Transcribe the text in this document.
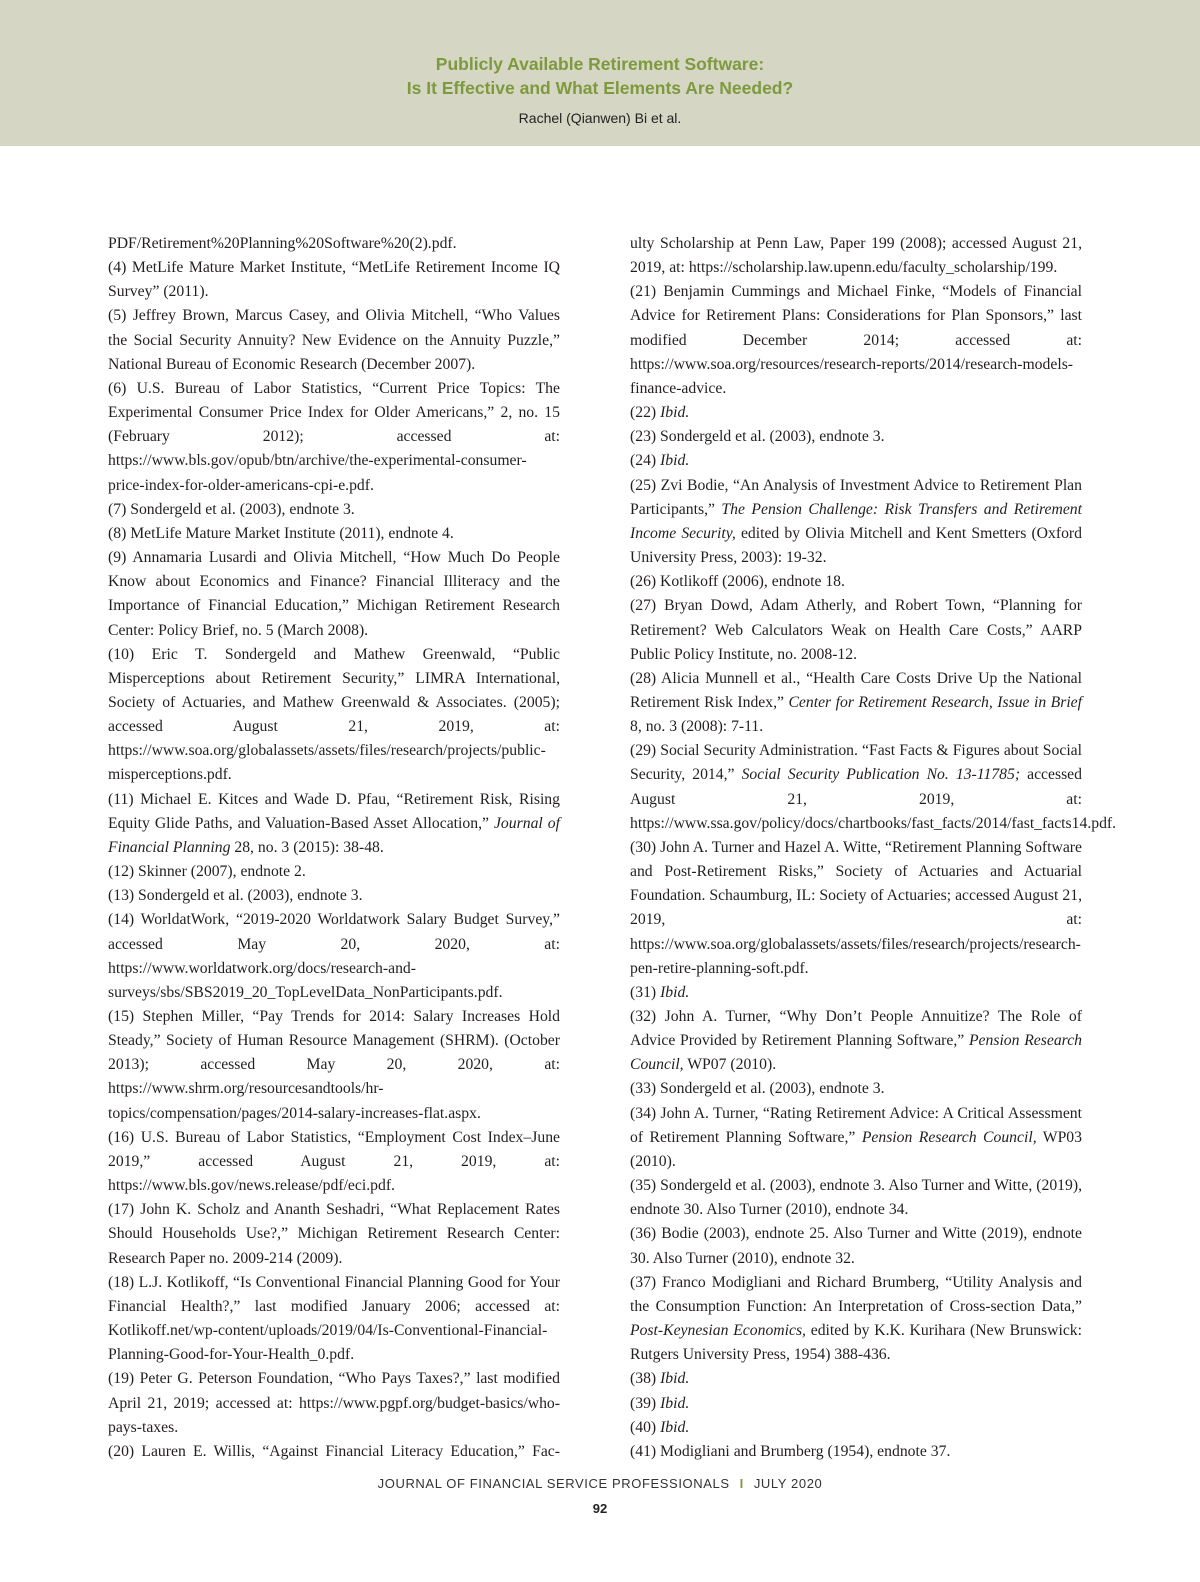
Publicly Available Retirement Software:
Is It Effective and What Elements Are Needed?
Rachel (Qianwen) Bi et al.

PDF/Retirement%20Planning%20Software%20(2).pdf.

(4) MetLife Mature Market Institute, “MetLife Retirement Income IQ Survey” (2011).

(5) Jeffrey Brown, Marcus Casey, and Olivia Mitchell, “Who Values the Social Security Annuity? New Evidence on the Annuity Puzzle,” National Bureau of Economic Research (December 2007).

(6) U.S. Bureau of Labor Statistics, “Current Price Topics: The Experimental Consumer Price Index for Older Americans,” 2, no. 15 (February 2012); accessed at: https://www.bls.gov/opub/btn/archive/the-experimental-consumer-price-index-for-older-americans-cpi-e.pdf.

(7) Sondergeld et al. (2003), endnote 3.

(8) MetLife Mature Market Institute (2011), endnote 4.

(9) Annamaria Lusardi and Olivia Mitchell, “How Much Do People Know about Economics and Finance? Financial Illiteracy and the Importance of Financial Education,” Michigan Retirement Research Center: Policy Brief, no. 5 (March 2008).

(10) Eric T. Sondergeld and Mathew Greenwald, “Public Misperceptions about Retirement Security,” LIMRA International, Society of Actuaries, and Mathew Greenwald & Associates. (2005); accessed August 21, 2019, at: https://www.soa.org/globalassets/assets/files/research/projects/public-misperceptions.pdf.

(11) Michael E. Kitces and Wade D. Pfau, “Retirement Risk, Rising Equity Glide Paths, and Valuation-Based Asset Allocation,” Journal of Financial Planning 28, no. 3 (2015): 38-48.

(12) Skinner (2007), endnote 2.

(13) Sondergeld et al. (2003), endnote 3.

(14) WorldatWork, “2019-2020 Worldatwork Salary Budget Survey,” accessed May 20, 2020, at: https://www.worldatwork.org/docs/research-and-surveys/sbs/SBS2019_20_TopLevelData_NonParticipants.pdf.

(15) Stephen Miller, “Pay Trends for 2014: Salary Increases Hold Steady,” Society of Human Resource Management (SHRM). (October 2013); accessed May 20, 2020, at: https://www.shrm.org/resourcesandtools/hr-topics/compensation/pages/2014-salary-increases-flat.aspx.

(16) U.S. Bureau of Labor Statistics, “Employment Cost Index–June 2019,” accessed August 21, 2019, at: https://www.bls.gov/news.release/pdf/eci.pdf.

(17) John K. Scholz and Ananth Seshadri, “What Replacement Rates Should Households Use?,” Michigan Retirement Research Center: Research Paper no. 2009-214 (2009).

(18) L.J. Kotlikoff, “Is Conventional Financial Planning Good for Your Financial Health?,” last modified January 2006; accessed at: Kotlikoff.net/wp-content/uploads/2019/04/Is-Conventional-Financial-Planning-Good-for-Your-Health_0.pdf.

(19) Peter G. Peterson Foundation, “Who Pays Taxes?,” last modified April 21, 2019; accessed at: https://www.pgpf.org/budget-basics/who-pays-taxes.

(20) Lauren E. Willis, “Against Financial Literacy Education,” Fac-

ulty Scholarship at Penn Law, Paper 199 (2008); accessed August 21, 2019, at: https://scholarship.law.upenn.edu/faculty_scholarship/199.

(21) Benjamin Cummings and Michael Finke, “Models of Financial Advice for Retirement Plans: Considerations for Plan Sponsors,” last modified December 2014; accessed at: https://www.soa.org/resources/research-reports/2014/research-models-finance-advice.

(22) Ibid.

(23) Sondergeld et al. (2003), endnote 3.

(24) Ibid.

(25) Zvi Bodie, “An Analysis of Investment Advice to Retirement Plan Participants,” The Pension Challenge: Risk Transfers and Retirement Income Security, edited by Olivia Mitchell and Kent Smetters (Oxford University Press, 2003): 19-32.

(26) Kotlikoff (2006), endnote 18.

(27) Bryan Dowd, Adam Atherly, and Robert Town, “Planning for Retirement? Web Calculators Weak on Health Care Costs,” AARP Public Policy Institute, no. 2008-12.

(28) Alicia Munnell et al., “Health Care Costs Drive Up the National Retirement Risk Index,” Center for Retirement Research, Issue in Brief 8, no. 3 (2008): 7-11.

(29) Social Security Administration. “Fast Facts & Figures about Social Security, 2014,” Social Security Publication No. 13-11785; accessed August 21, 2019, at: https://www.ssa.gov/policy/docs/chartbooks/fast_facts/2014/fast_facts14.pdf.

(30) John A. Turner and Hazel A. Witte, “Retirement Planning Software and Post-Retirement Risks,” Society of Actuaries and Actuarial Foundation. Schaumburg, IL: Society of Actuaries; accessed August 21, 2019, at: https://www.soa.org/globalassets/assets/files/research/projects/research-pen-retire-planning-soft.pdf.

(31) Ibid.

(32) John A. Turner, “Why Don’t People Annuitize? The Role of Advice Provided by Retirement Planning Software,” Pension Research Council, WP07 (2010).

(33) Sondergeld et al. (2003), endnote 3.

(34) John A. Turner, “Rating Retirement Advice: A Critical Assessment of Retirement Planning Software,” Pension Research Council, WP03 (2010).

(35) Sondergeld et al. (2003), endnote 3. Also Turner and Witte, (2019), endnote 30. Also Turner (2010), endnote 34.

(36) Bodie (2003), endnote 25. Also Turner and Witte (2019), endnote 30. Also Turner (2010), endnote 32.

(37) Franco Modigliani and Richard Brumberg, “Utility Analysis and the Consumption Function: An Interpretation of Cross-section Data,” Post-Keynesian Economics, edited by K.K. Kurihara (New Brunswick: Rutgers University Press, 1954) 388-436.

(38) Ibid.

(39) Ibid.

(40) Ibid.

(41) Modigliani and Brumberg (1954), endnote 37.

JOURNAL OF FINANCIAL SERVICE PROFESSIONALS I JULY 2020
92
